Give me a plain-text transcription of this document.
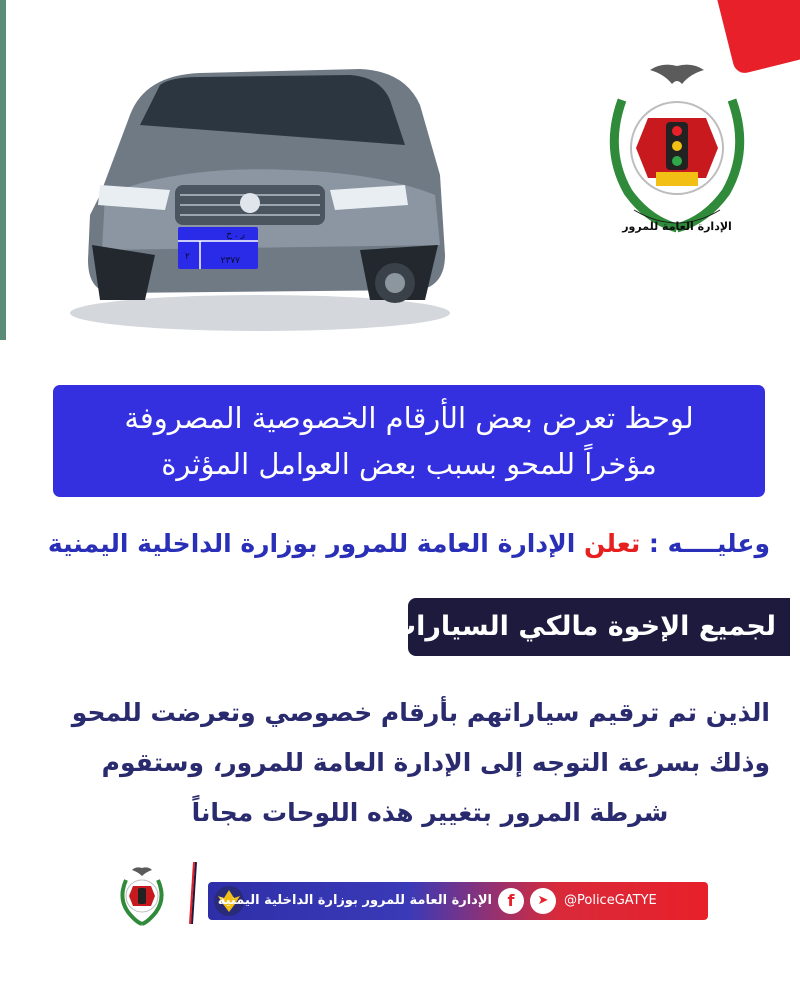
ر . خ
٢	٢٣٧٧
الإدارة العامة للمرور
لوحظ تعرض بعض الأرقام الخصوصية المصروفة
مؤخراً للمحو بسبب بعض العوامل المؤثرة
وعليــــه : تعلن الإدارة العامة للمرور بوزارة الداخلية اليمنية
لجميع الإخوة مالكي السيارات
الذين تم ترقيم سياراتهم بأرقام خصوصي وتعرضت للمحو
وذلك بسرعة التوجه إلى الإدارة العامة للمرور، وستقوم
شرطة المرور بتغيير هذه اللوحات مجاناً
الإدارة العامة للمرور بوزارة الداخلية اليمنية f	➤	@PoliceGATYE
